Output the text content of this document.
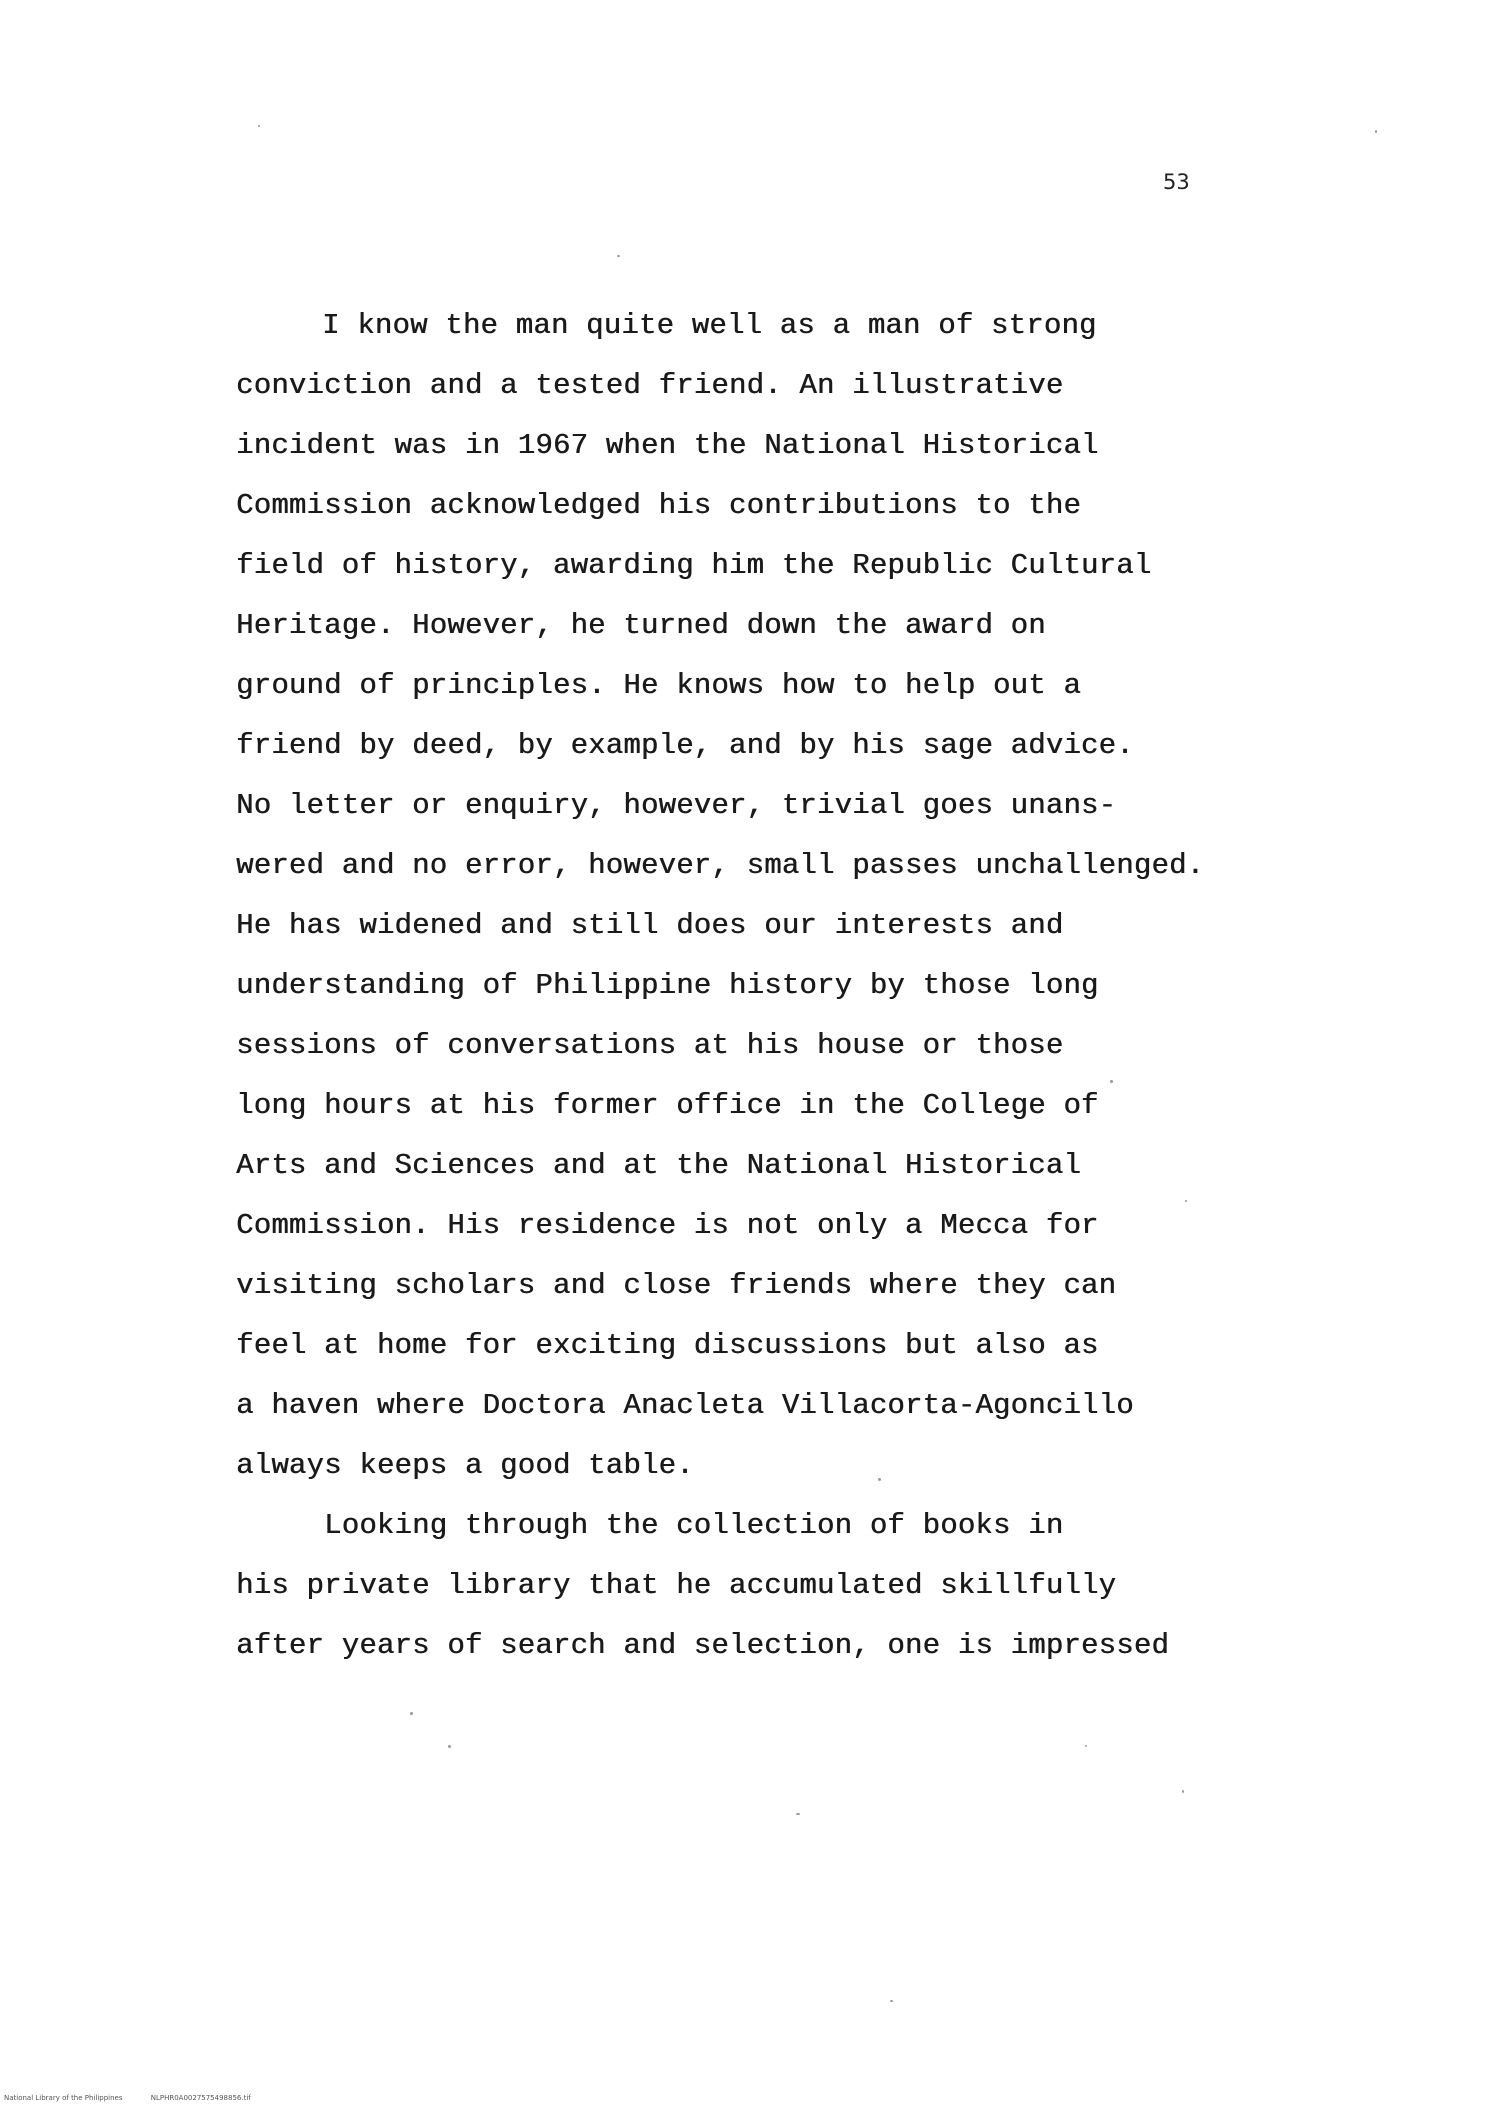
53
I know the man quite well as a man of strong
conviction and a tested friend. An illustrative
incident was in 1967 when the National Historical
Commission acknowledged his contributions to the
field of history, awarding him the Republic Cultural
Heritage. However, he turned down the award on
ground of principles. He knows how to help out a
friend by deed, by example, and by his sage advice.
No letter or enquiry, however, trivial goes unans-
wered and no error, however, small passes unchallenged.
He has widened and still does our interests and
understanding of Philippine history by those long
sessions of conversations at his house or those
long hours at his former office in the College of
Arts and Sciences and at the National Historical
Commission. His residence is not only a Mecca for
visiting scholars and close friends where they can
feel at home for exciting discussions but also as
a haven where Doctora Anacleta Villacorta-Agoncillo
always keeps a good table.
Looking through the collection of books in
his private library that he accumulated skillfully
after years of search and selection, one is impressed
National Library of the Philippines	NLPHR0A0027575498856.tif
